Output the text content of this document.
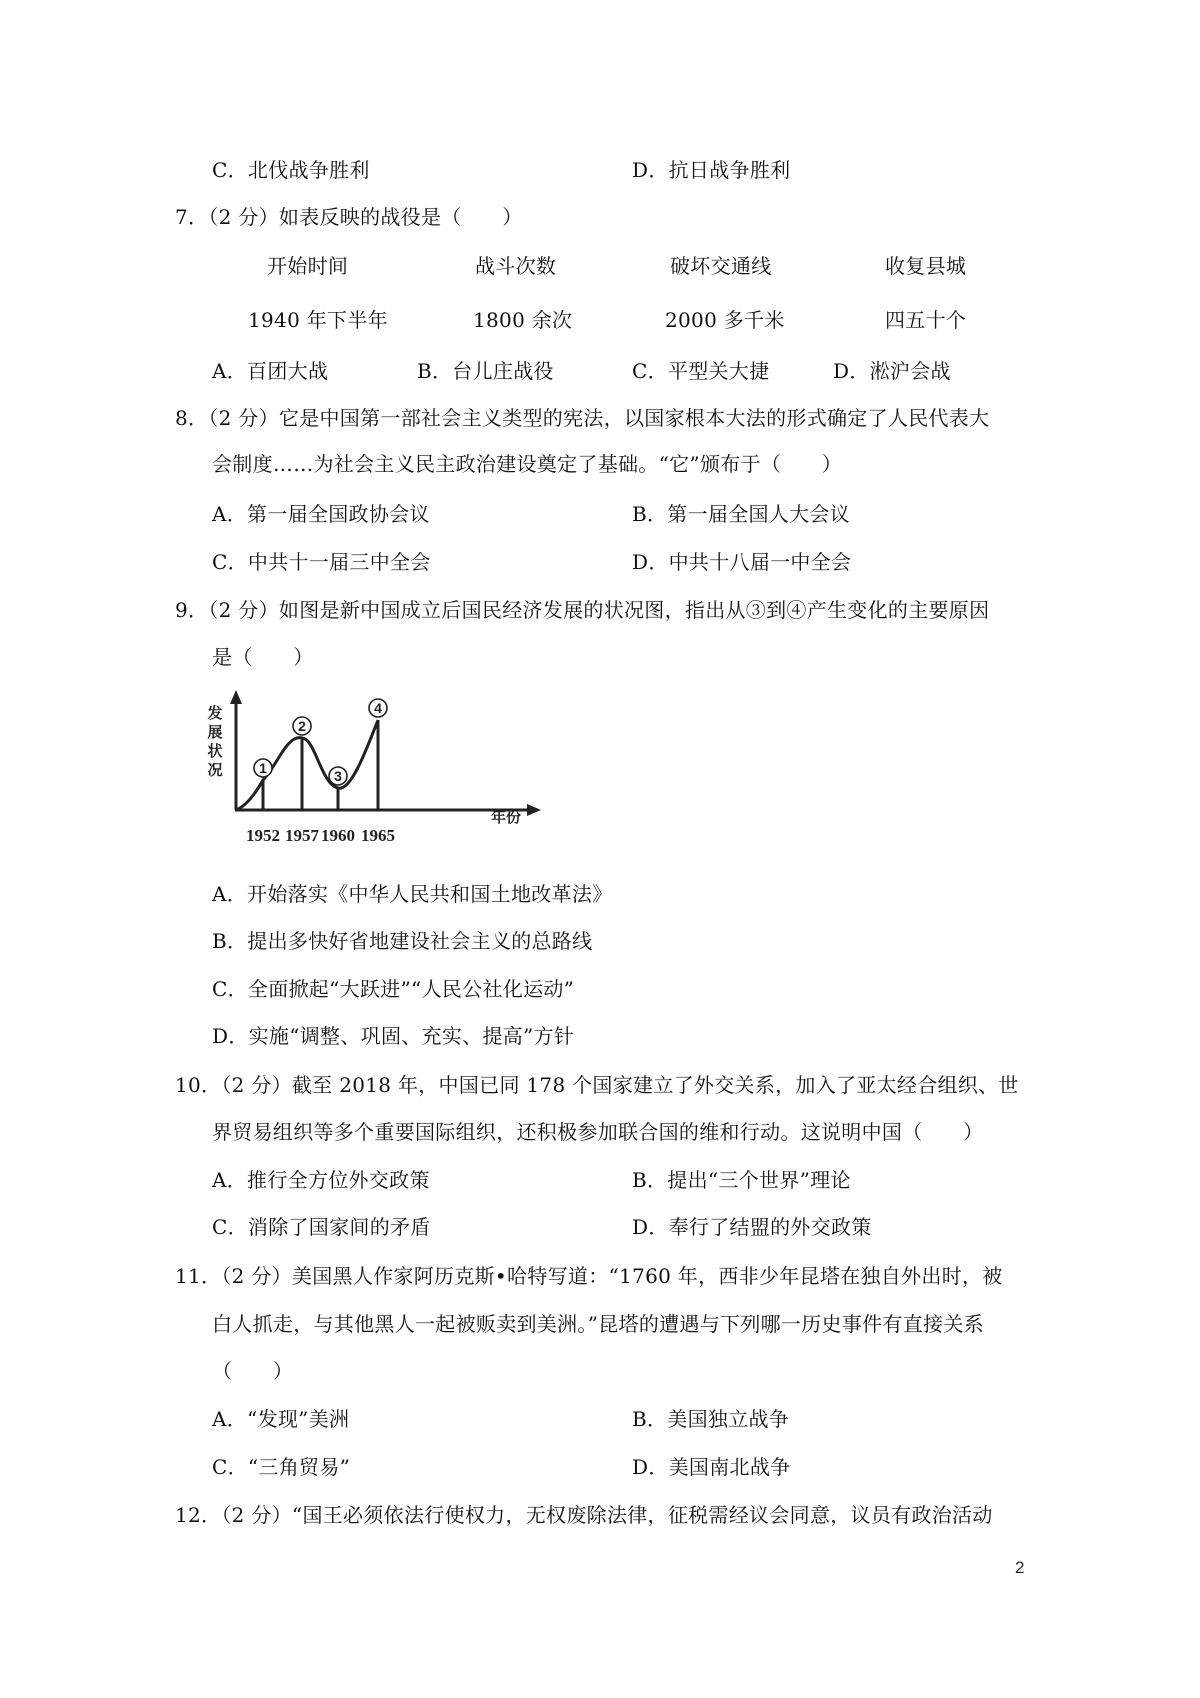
C．北伐战争胜利	D．抗日战争胜利
7．（2 分）如表反映的战役是（　　）
开始时间	战斗次数	破坏交通线	收复县城
1940 年下半年	1800 余次	2000 多千米	四五十个
A．百团大战	B．台儿庄战役	C．平型关大捷	D．淞沪会战
8．（2 分）它是中国第一部社会主义类型的宪法，以国家根本大法的形式确定了人民代表大
会制度……为社会主义民主政治建设奠定了基础。“它”颁布于（　　）
A．第一届全国政协会议	B．第一届全国人大会议
C．中共十一届三中全会	D．中共十八届一中全会
9．（2 分）如图是新中国成立后国民经济发展的状况图，指出从③到④产生变化的主要原因
是（　　）
发
展
状
况
年份
1
1952
2
1957
3
1960
4
1965
A．开始落实《中华人民共和国土地改革法》
B．提出多快好省地建设社会主义的总路线
C．全面掀起“大跃进”“人民公社化运动”
D．实施“调整、巩固、充实、提高”方针
10．（2 分）截至 2018 年，中国已同 178 个国家建立了外交关系，加入了亚太经合组织、世
界贸易组织等多个重要国际组织，还积极参加联合国的维和行动。这说明中国（　　）
A．推行全方位外交政策	B．提出“三个世界”理论
C．消除了国家间的矛盾	D．奉行了结盟的外交政策
11．（2 分）美国黑人作家阿历克斯•哈特写道：“1760 年，西非少年昆塔在独自外出时，被
白人抓走，与其他黑人一起被贩卖到美洲。”昆塔的遭遇与下列哪一历史事件有直接关系
（　　）
A．“发现”美洲	B．美国独立战争
C．“三角贸易”	D．美国南北战争
12．（2 分）“国王必须依法行使权力，无权废除法律，征税需经议会同意，议员有政治活动
2
